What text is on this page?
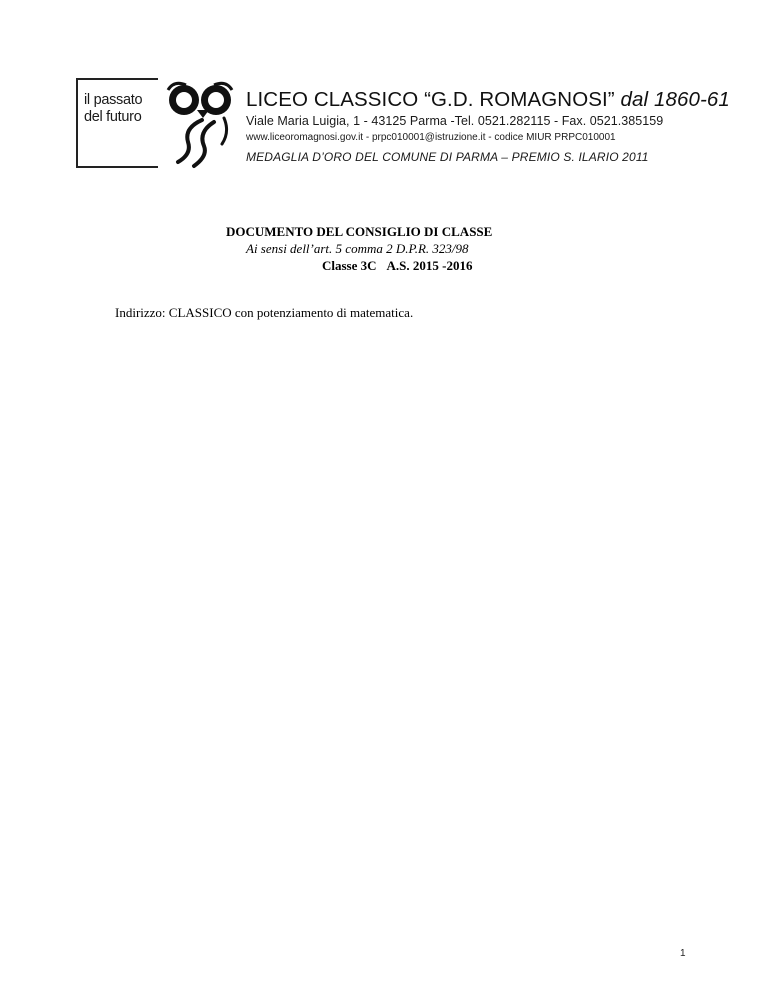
il passato
del futuro
LICEO CLASSICO “G.D. ROMAGNOSI” dal 1860-61
Viale Maria Luigia, 1 - 43125 Parma -Tel. 0521.282115 - Fax. 0521.385159
www.liceoromagnosi.gov.it - prpc010001@istruzione.it - codice MIUR PRPC010001
MEDAGLIA D’ORO DEL COMUNE DI PARMA – PREMIO S. ILARIO 2011
DOCUMENTO DEL CONSIGLIO DI CLASSE
Ai sensi dell’art. 5 comma 2 D.P.R. 323/98
Classe 3C A.S. 2015 -2016
Indirizzo: CLASSICO con potenziamento di matematica.
1
